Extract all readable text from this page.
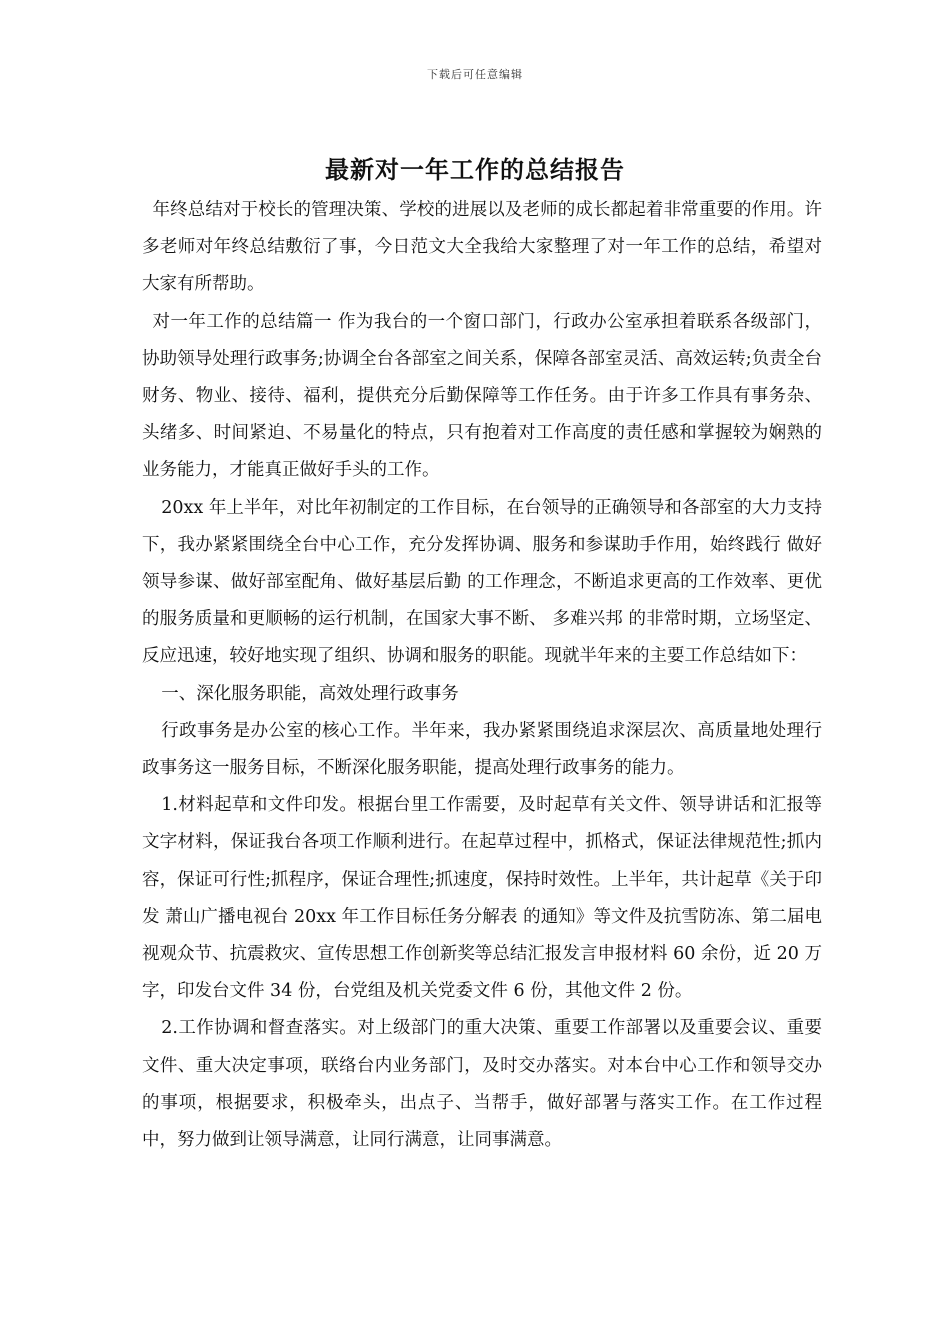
下载后可任意编辑
最新对一年工作的总结报告

年终总结对于校长的管理决策、学校的进展以及老师的成长都起着非常重要的作用。许多老师对年终总结敷衍了事，今日范文大全我给大家整理了对一年工作的总结，希望对大家有所帮助。

对一年工作的总结篇一 作为我台的一个窗口部门，行政办公室承担着联系各级部门，协助领导处理行政事务;协调全台各部室之间关系，保障各部室灵活、高效运转;负责全台财务、物业、接待、福利，提供充分后勤保障等工作任务。由于许多工作具有事务杂、头绪多、时间紧迫、不易量化的特点，只有抱着对工作高度的责任感和掌握较为娴熟的业务能力，才能真正做好手头的工作。

20xx 年上半年，对比年初制定的工作目标，在台领导的正确领导和各部室的大力支持下，我办紧紧围绕全台中心工作，充分发挥协调、服务和参谋助手作用，始终践行 做好领导参谋、做好部室配角、做好基层后勤 的工作理念，不断追求更高的工作效率、更优的服务质量和更顺畅的运行机制，在国家大事不断、 多难兴邦 的非常时期，立场坚定、反应迅速，较好地实现了组织、协调和服务的职能。现就半年来的主要工作总结如下：

一、深化服务职能，高效处理行政事务

行政事务是办公室的核心工作。半年来，我办紧紧围绕追求深层次、高质量地处理行政事务这一服务目标，不断深化服务职能，提高处理行政事务的能力。

1.材料起草和文件印发。根据台里工作需要，及时起草有关文件、领导讲话和汇报等文字材料，保证我台各项工作顺利进行。在起草过程中，抓格式，保证法律规范性;抓内容，保证可行性;抓程序，保证合理性;抓速度，保持时效性。上半年，共计起草《关于印发 萧山广播电视台 20xx 年工作目标任务分解表 的通知》等文件及抗雪防冻、第二届电视观众节、抗震救灾、宣传思想工作创新奖等总结汇报发言申报材料 60 余份，近 20 万字，印发台文件 34 份，台党组及机关党委文件 6 份，其他文件 2 份。

2.工作协调和督查落实。对上级部门的重大决策、重要工作部署以及重要会议、重要文件、重大决定事项，联络台内业务部门，及时交办落实。对本台中心工作和领导交办的事项，根据要求，积极牵头，出点子、当帮手，做好部署与落实工作。在工作过程中，努力做到让领导满意，让同行满意，让同事满意。
